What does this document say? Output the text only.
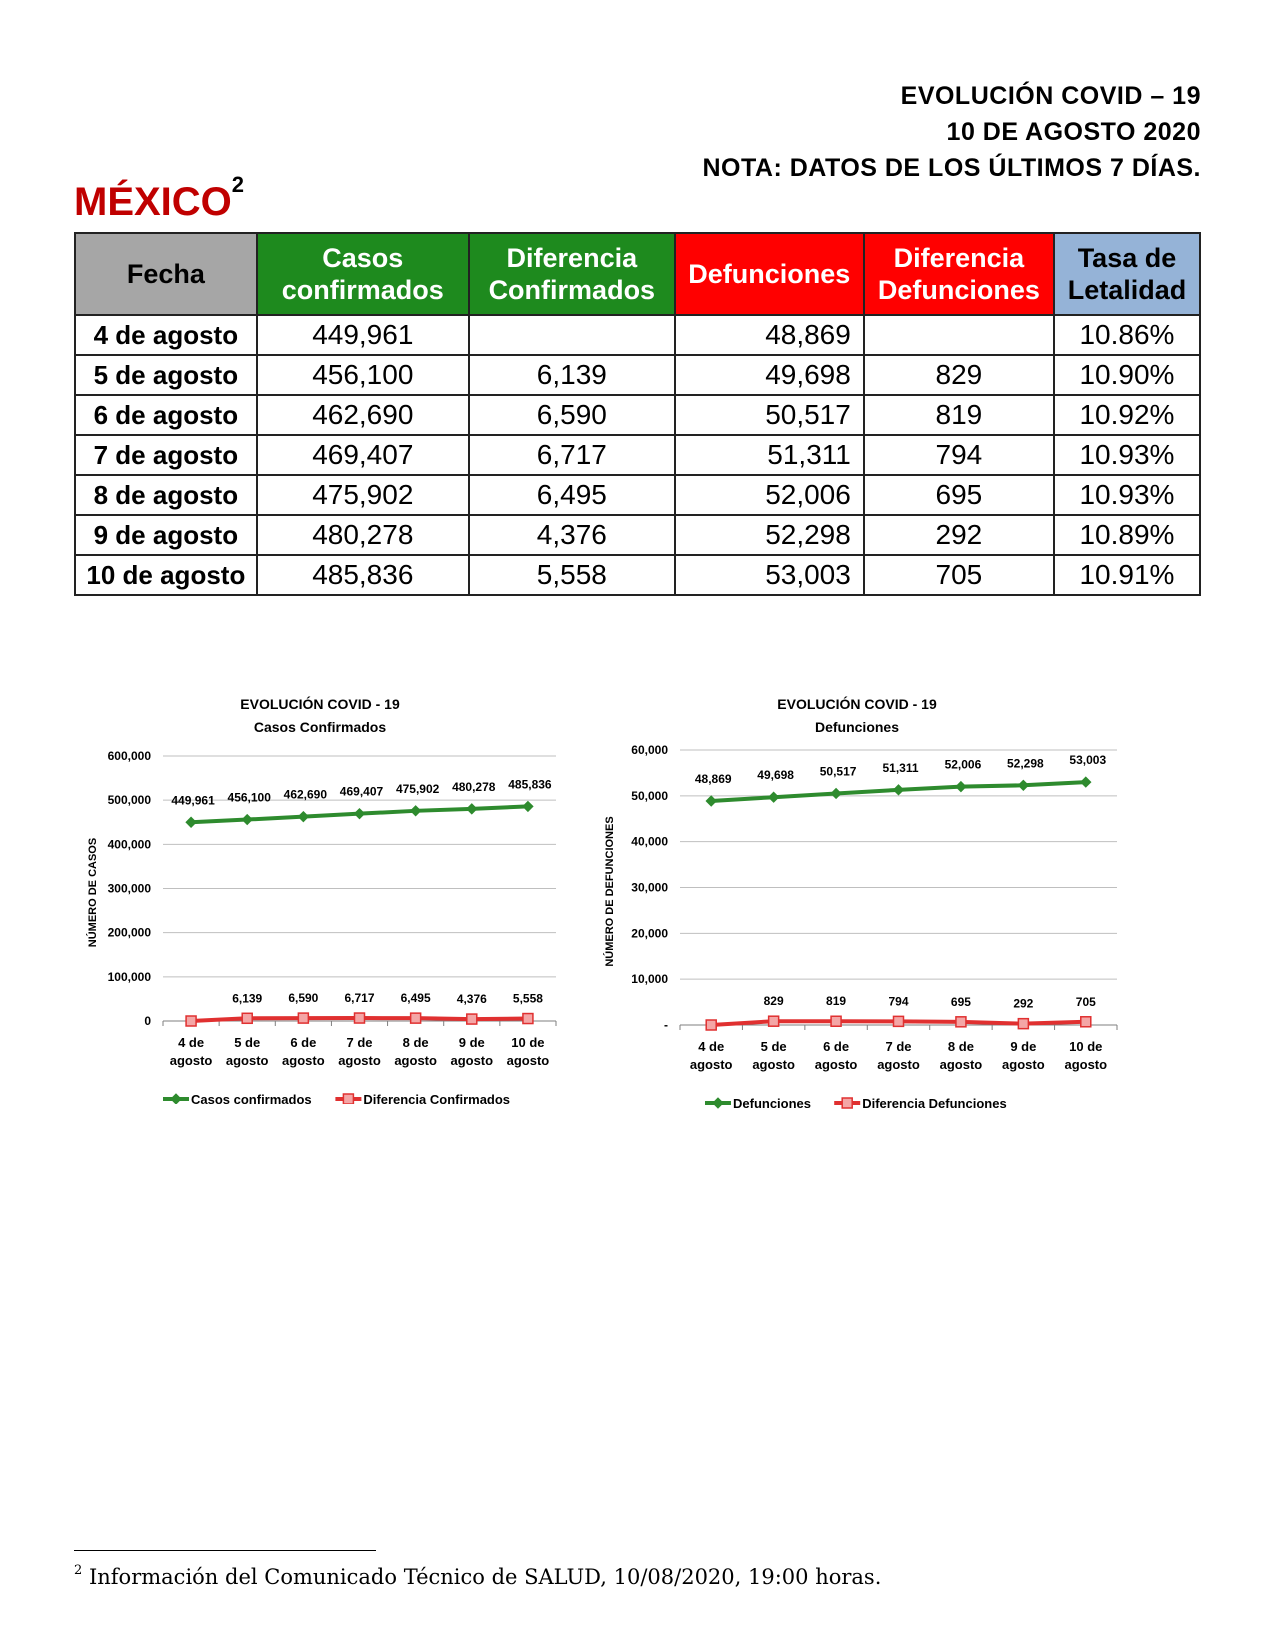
EVOLUCIÓN COVID – 19
10 DE AGOSTO 2020
NOTA: DATOS DE LOS ÚLTIMOS 7 DÍAS.
MÉXICO$^2$
Fecha	Casos confirmados	Diferencia Confirmados	Defunciones	Diferencia Defunciones	Tasa de Letalidad
4 de agosto	449,961		48,869		10.86%
5 de agosto	456,100	6,139	49,698	829	10.90%
6 de agosto	462,690	6,590	50,517	819	10.92%
7 de agosto	469,407	6,717	51,311	794	10.93%
8 de agosto	475,902	6,495	52,006	695	10.93%
9 de agosto	480,278	4,376	52,298	292	10.89%
10 de agosto	485,836	5,558	53,003	705	10.91%
EVOLUCIÓN COVID - 19
Casos Confirmados
0
100,000
200,000
300,000
400,000
500,000
600,000
4 de
agosto
5 de
agosto
6 de
agosto
7 de
agosto
8 de
agosto
9 de
agosto
10 de
agosto
NÚMERO DE CASOS
449,961 456,100 462,690 469,407 475,902 480,278 485,836
6,139 6,590 6,717 6,495 4,376 5,558
Casos confirmados	Diferencia Confirmados
EVOLUCIÓN COVID - 19
Defunciones
-
10,000
20,000
30,000
40,000
50,000
60,000
4 de
agosto
5 de
agosto
6 de
agosto
7 de
agosto
8 de
agosto
9 de
agosto
10 de
agosto
NÚMERO DE DEFUNCIONES
48,869 49,698 50,517 51,311 52,006 52,298 53,003
829	819	794	695	292	705
Defunciones	Diferencia Defunciones
$^2$ Información del Comunicado Técnico de SALUD, 10/08/2020, 19:00 horas.
